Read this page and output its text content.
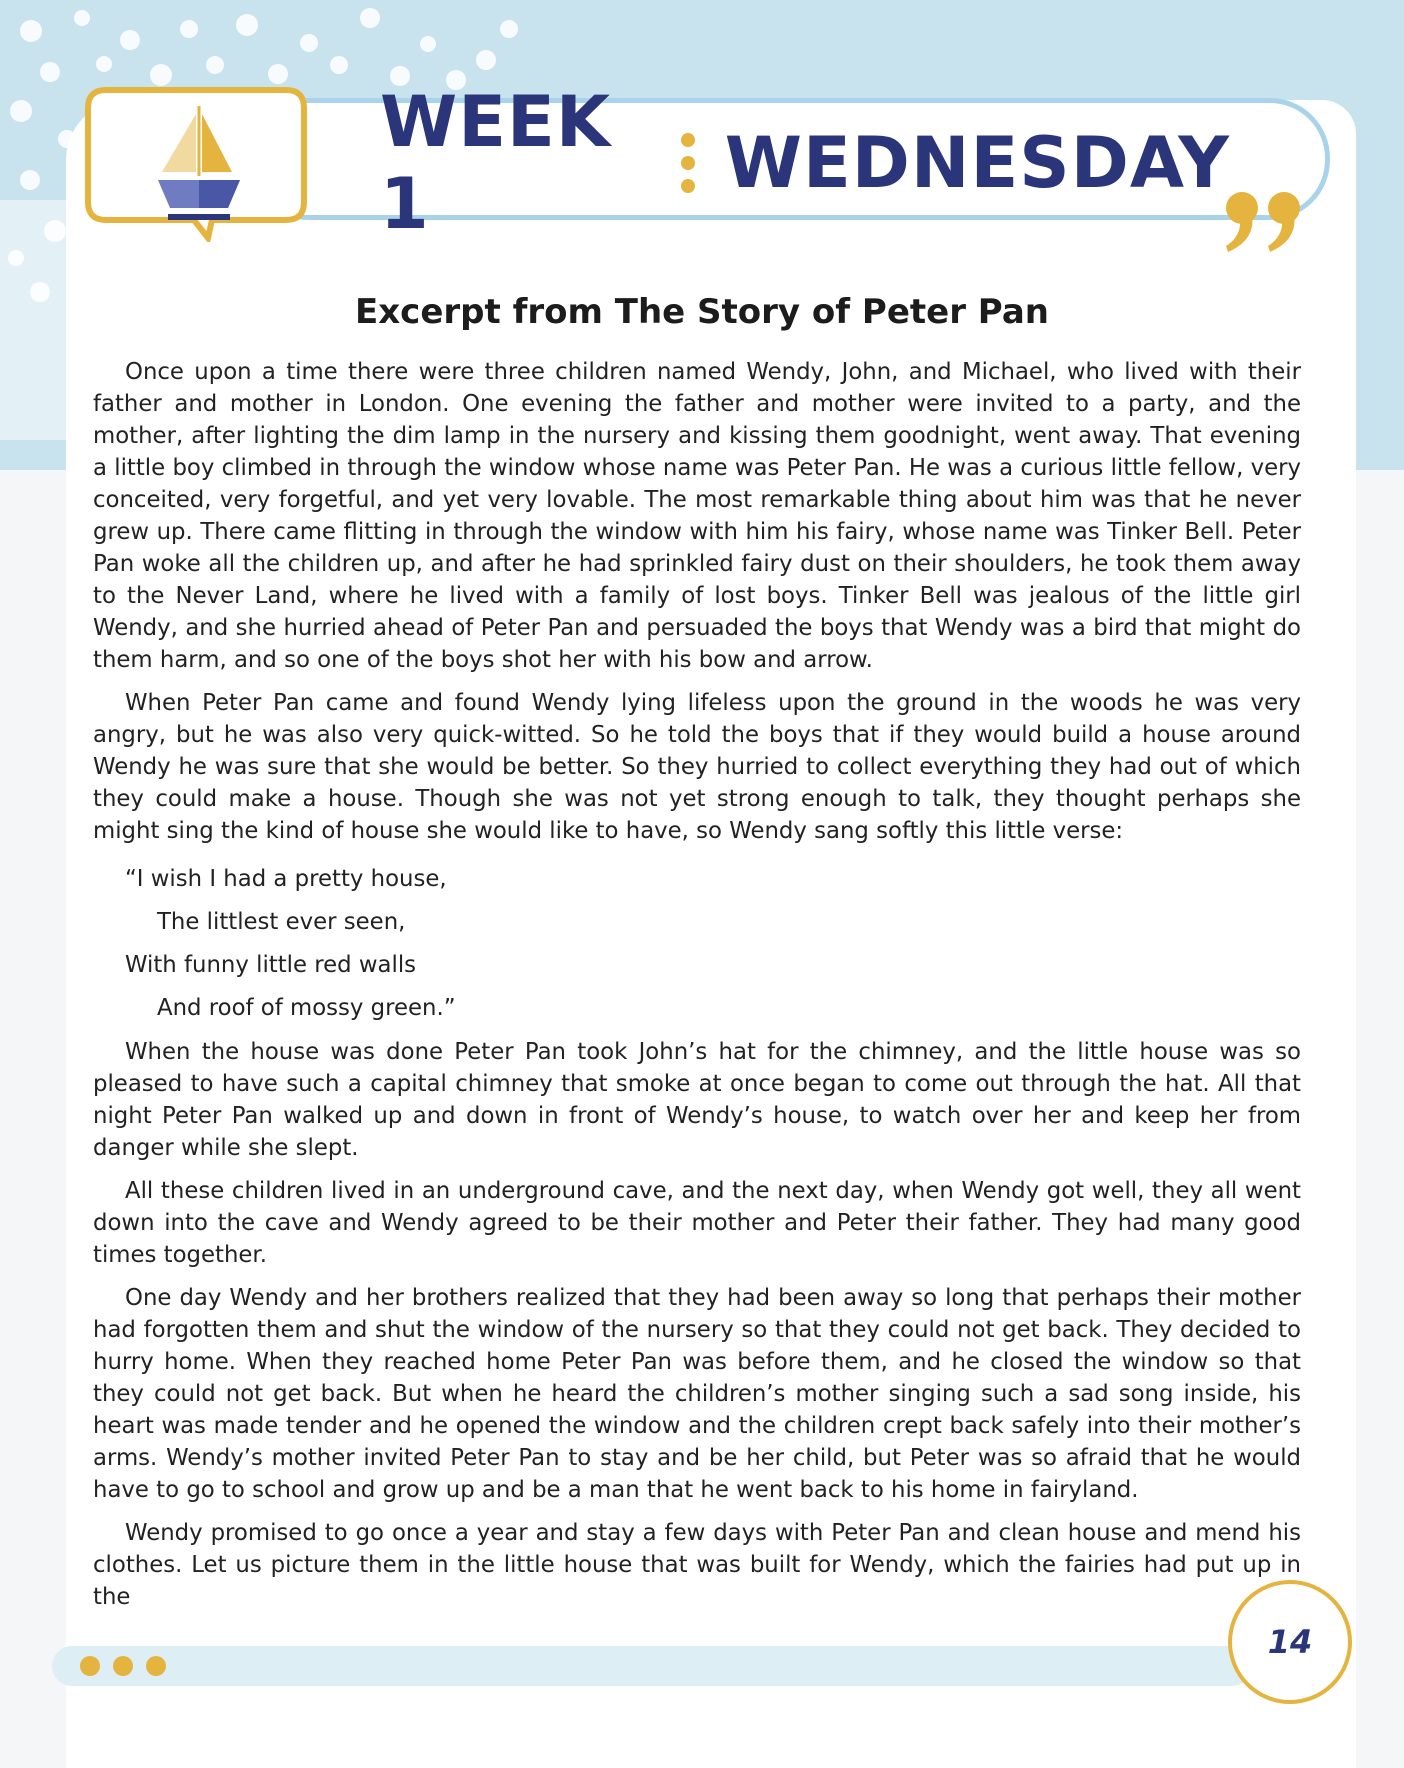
WEEK 1	WEDNESDAY
Excerpt from The Story of Peter Pan

Once upon a time there were three children named Wendy, John, and Michael, who lived with their father and mother in London. One evening the father and mother were invited to a party, and the mother, after lighting the dim lamp in the nursery and kissing them goodnight, went away. That evening a little boy climbed in through the window whose name was Peter Pan. He was a curious little fellow, very conceited, very forgetful, and yet very lovable. The most remarkable thing about him was that he never grew up. There came flitting in through the window with him his fairy, whose name was Tinker Bell. Peter Pan woke all the children up, and after he had sprinkled fairy dust on their shoulders, he took them away to the Never Land, where he lived with a family of lost boys. Tinker Bell was jealous of the little girl Wendy, and she hurried ahead of Peter Pan and persuaded the boys that Wendy was a bird that might do them harm, and so one of the boys shot her with his bow and arrow.

When Peter Pan came and found Wendy lying lifeless upon the ground in the woods he was very angry, but he was also very quick-witted. So he told the boys that if they would build a house around Wendy he was sure that she would be better. So they hurried to collect everything they had out of which they could make a house. Though she was not yet strong enough to talk, they thought perhaps she might sing the kind of house she would like to have, so Wendy sang softly this little verse:

“I wish I had a pretty house,

The littlest ever seen,

With funny little red walls

And roof of mossy green.”

When the house was done Peter Pan took John’s hat for the chimney, and the little house was so pleased to have such a capital chimney that smoke at once began to come out through the hat. All that night Peter Pan walked up and down in front of Wendy’s house, to watch over her and keep her from danger while she slept.

All these children lived in an underground cave, and the next day, when Wendy got well, they all went down into the cave and Wendy agreed to be their mother and Peter their father. They had many good times together.

One day Wendy and her brothers realized that they had been away so long that perhaps their mother had forgotten them and shut the window of the nursery so that they could not get back. They decided to hurry home. When they reached home Peter Pan was before them, and he closed the window so that they could not get back. But when he heard the children’s mother singing such a sad song inside, his heart was made tender and he opened the window and the children crept back safely into their mother’s arms. Wendy’s mother invited Peter Pan to stay and be her child, but Peter was so afraid that he would have to go to school and grow up and be a man that he went back to his home in fairyland.

Wendy promised to go once a year and stay a few days with Peter Pan and clean house and mend his clothes. Let us picture them in the little house that was built for Wendy, which the fairies had put up in the

14
